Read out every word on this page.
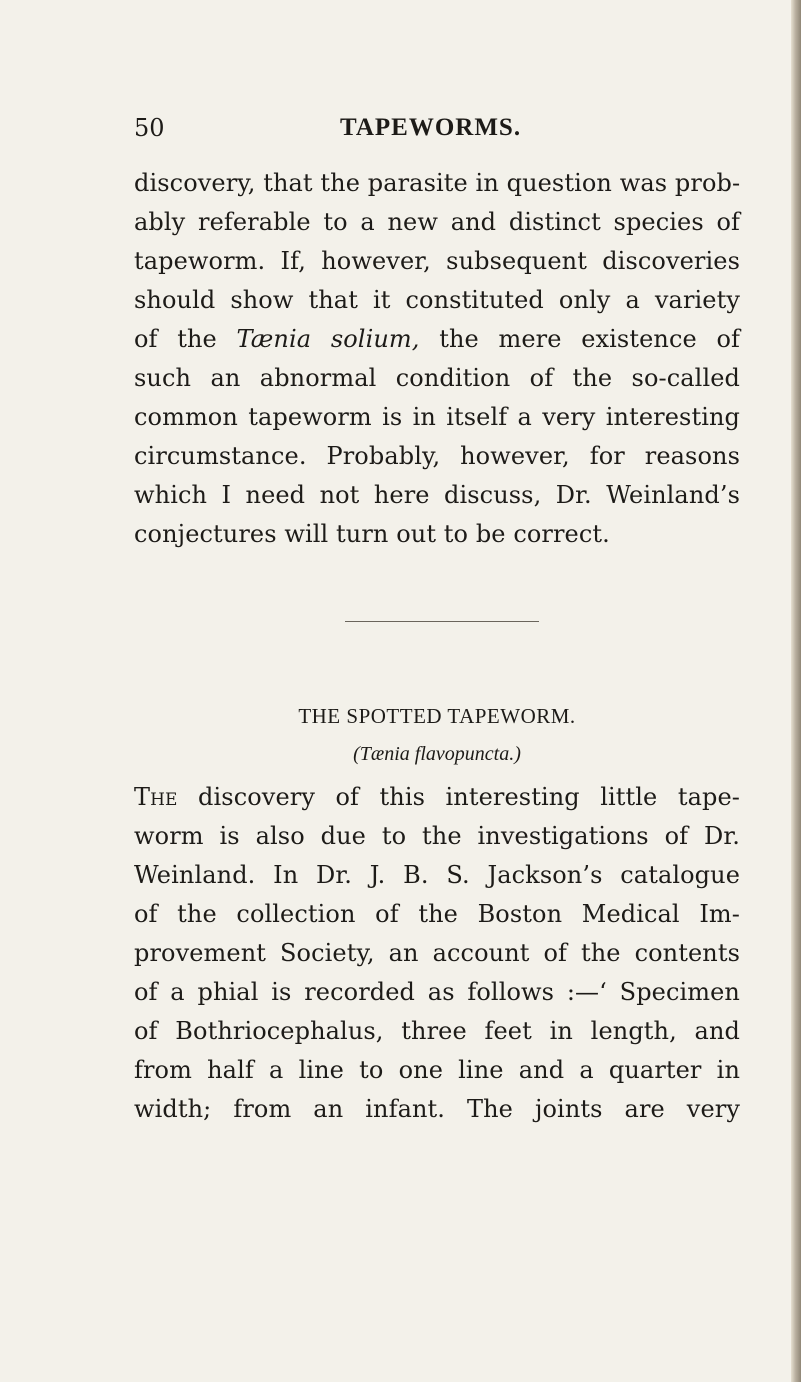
50	TAPEWORMS.
discovery, that the parasite in question was prob-
ably referable to a new and distinct species of
tapeworm. If, however, subsequent discoveries
should show that it constituted only a variety
of the Tænia solium, the mere existence of
such an abnormal condition of the so-called
common tapeworm is in itself a very interesting
circumstance. Probably, however, for reasons
which I need not here discuss, Dr. Weinland’s
conjectures will turn out to be correct.
THE SPOTTED TAPEWORM.
(Tænia flavopuncta.)
The discovery of this interesting little tape-
worm is also due to the investigations of Dr.
Weinland. In Dr. J. B. S. Jackson’s catalogue
of the collection of the Boston Medical Im-
provement Society, an account of the contents
of a phial is recorded as follows :—‘ Specimen
of Bothriocephalus, three feet in length, and
from half a line to one line and a quarter in
width; from an infant. The joints are very
